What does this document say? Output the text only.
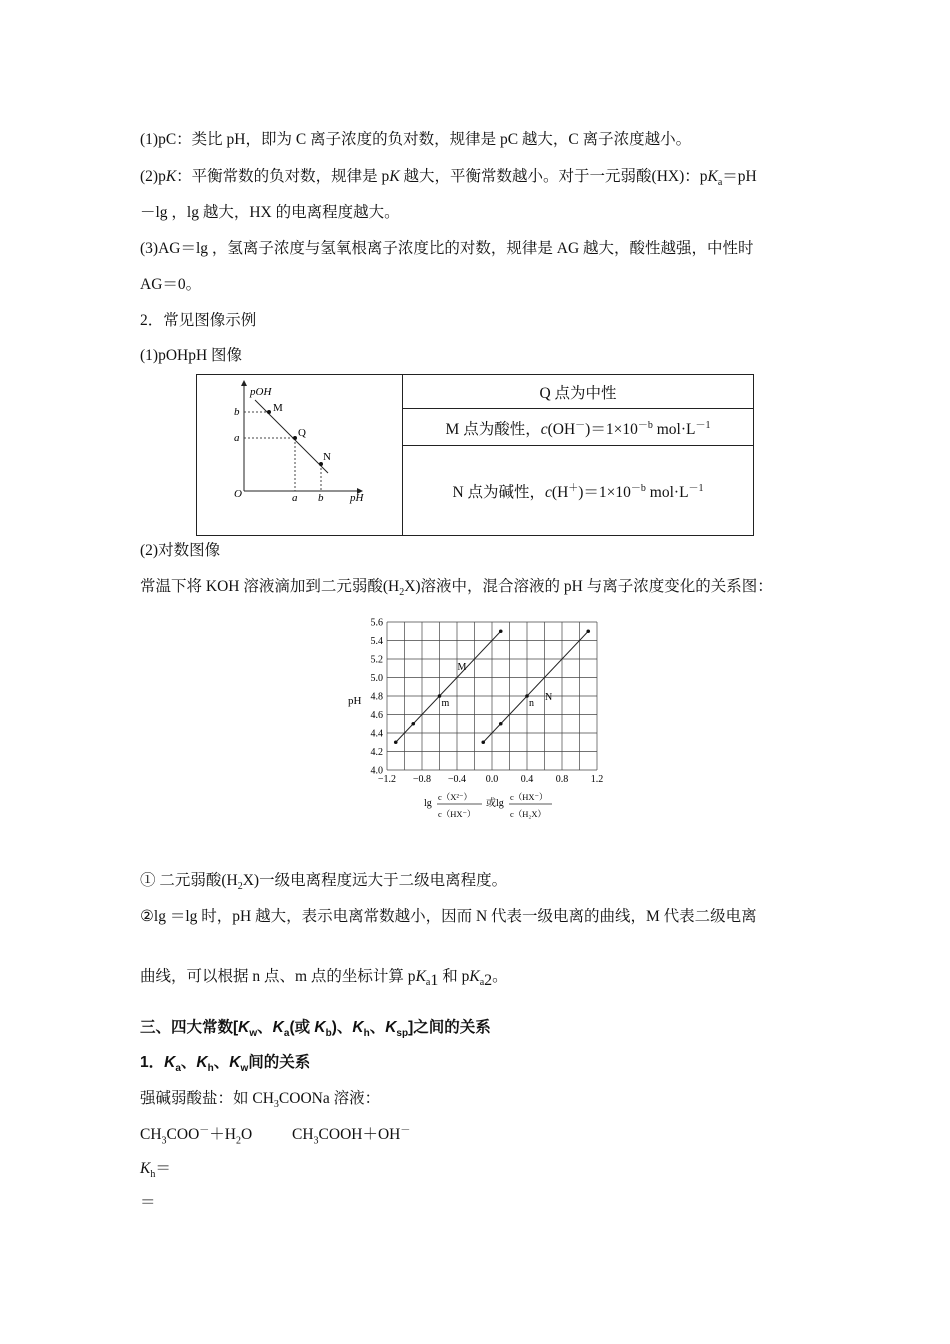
(1)pC：类比 pH，即为 C 离子浓度的负对数，规律是 pC 越大，C 离子浓度越小。
(2)pK：平衡常数的负对数，规律是 pK 越大，平衡常数越小。对于一元弱酸(HX)：$pK_a=pH$
－lg ，lg 越大，HX 的电离程度越大。
(3)AG＝lg ，氢离子浓度与氢氧根离子浓度比的对数，规律是 AG 越大，酸性越强，中性时
AG＝0。
2．常见图像示例
(1)pOHpH 图像
pOH
pH
O
b
a
a b
M
Q
N
	Q 点为中性
M 点为酸性，$c(OH^-)=1\times 10^{-b}$ $mol\cdot L^{-1}$
N 点为碱性，$c(H^+)=1\times 10^{-b}$ $mol\cdot L^{-1}$
(2)对数图像
常温下将 KOH 溶液滴加到二元弱酸$(H_2X)$溶液中，混合溶液的 pH 与离子浓度变化的关系图：
−1.2 −0.8 −0.4 0.0 0.4 0.8 1.2
4.0
4.2
4.4
4.6
4.8
5.0
5.2
5.4
5.6
M
m
N
n
pH
lg
c（X²⁻）
c（HX⁻）
或lg
c（HX⁻）
c（H₂X）
① 二元弱酸$(H_2X)$一级电离程度远大于二级电离程度。
②lg ＝lg 时，pH 越大，表示电离常数越小，因而 N 代表一级电离的曲线，M 代表二级电离
曲线，可以根据 n 点、m 点的坐标计算 $pK_a1$ 和 $pK_a2$。
三、四大常数[$K_w$、$K_a$(或 $K_b$)、$K_h$、$K_{sp}$]之间的关系
1．$K_a$、$K_h$、$K_w$间的关系
强碱弱酸盐：如 $CH_3COONa$ 溶液：
$CH_3COO^-+H_2O$	$CH_3COOH+OH^-$
$K_h=$
＝
